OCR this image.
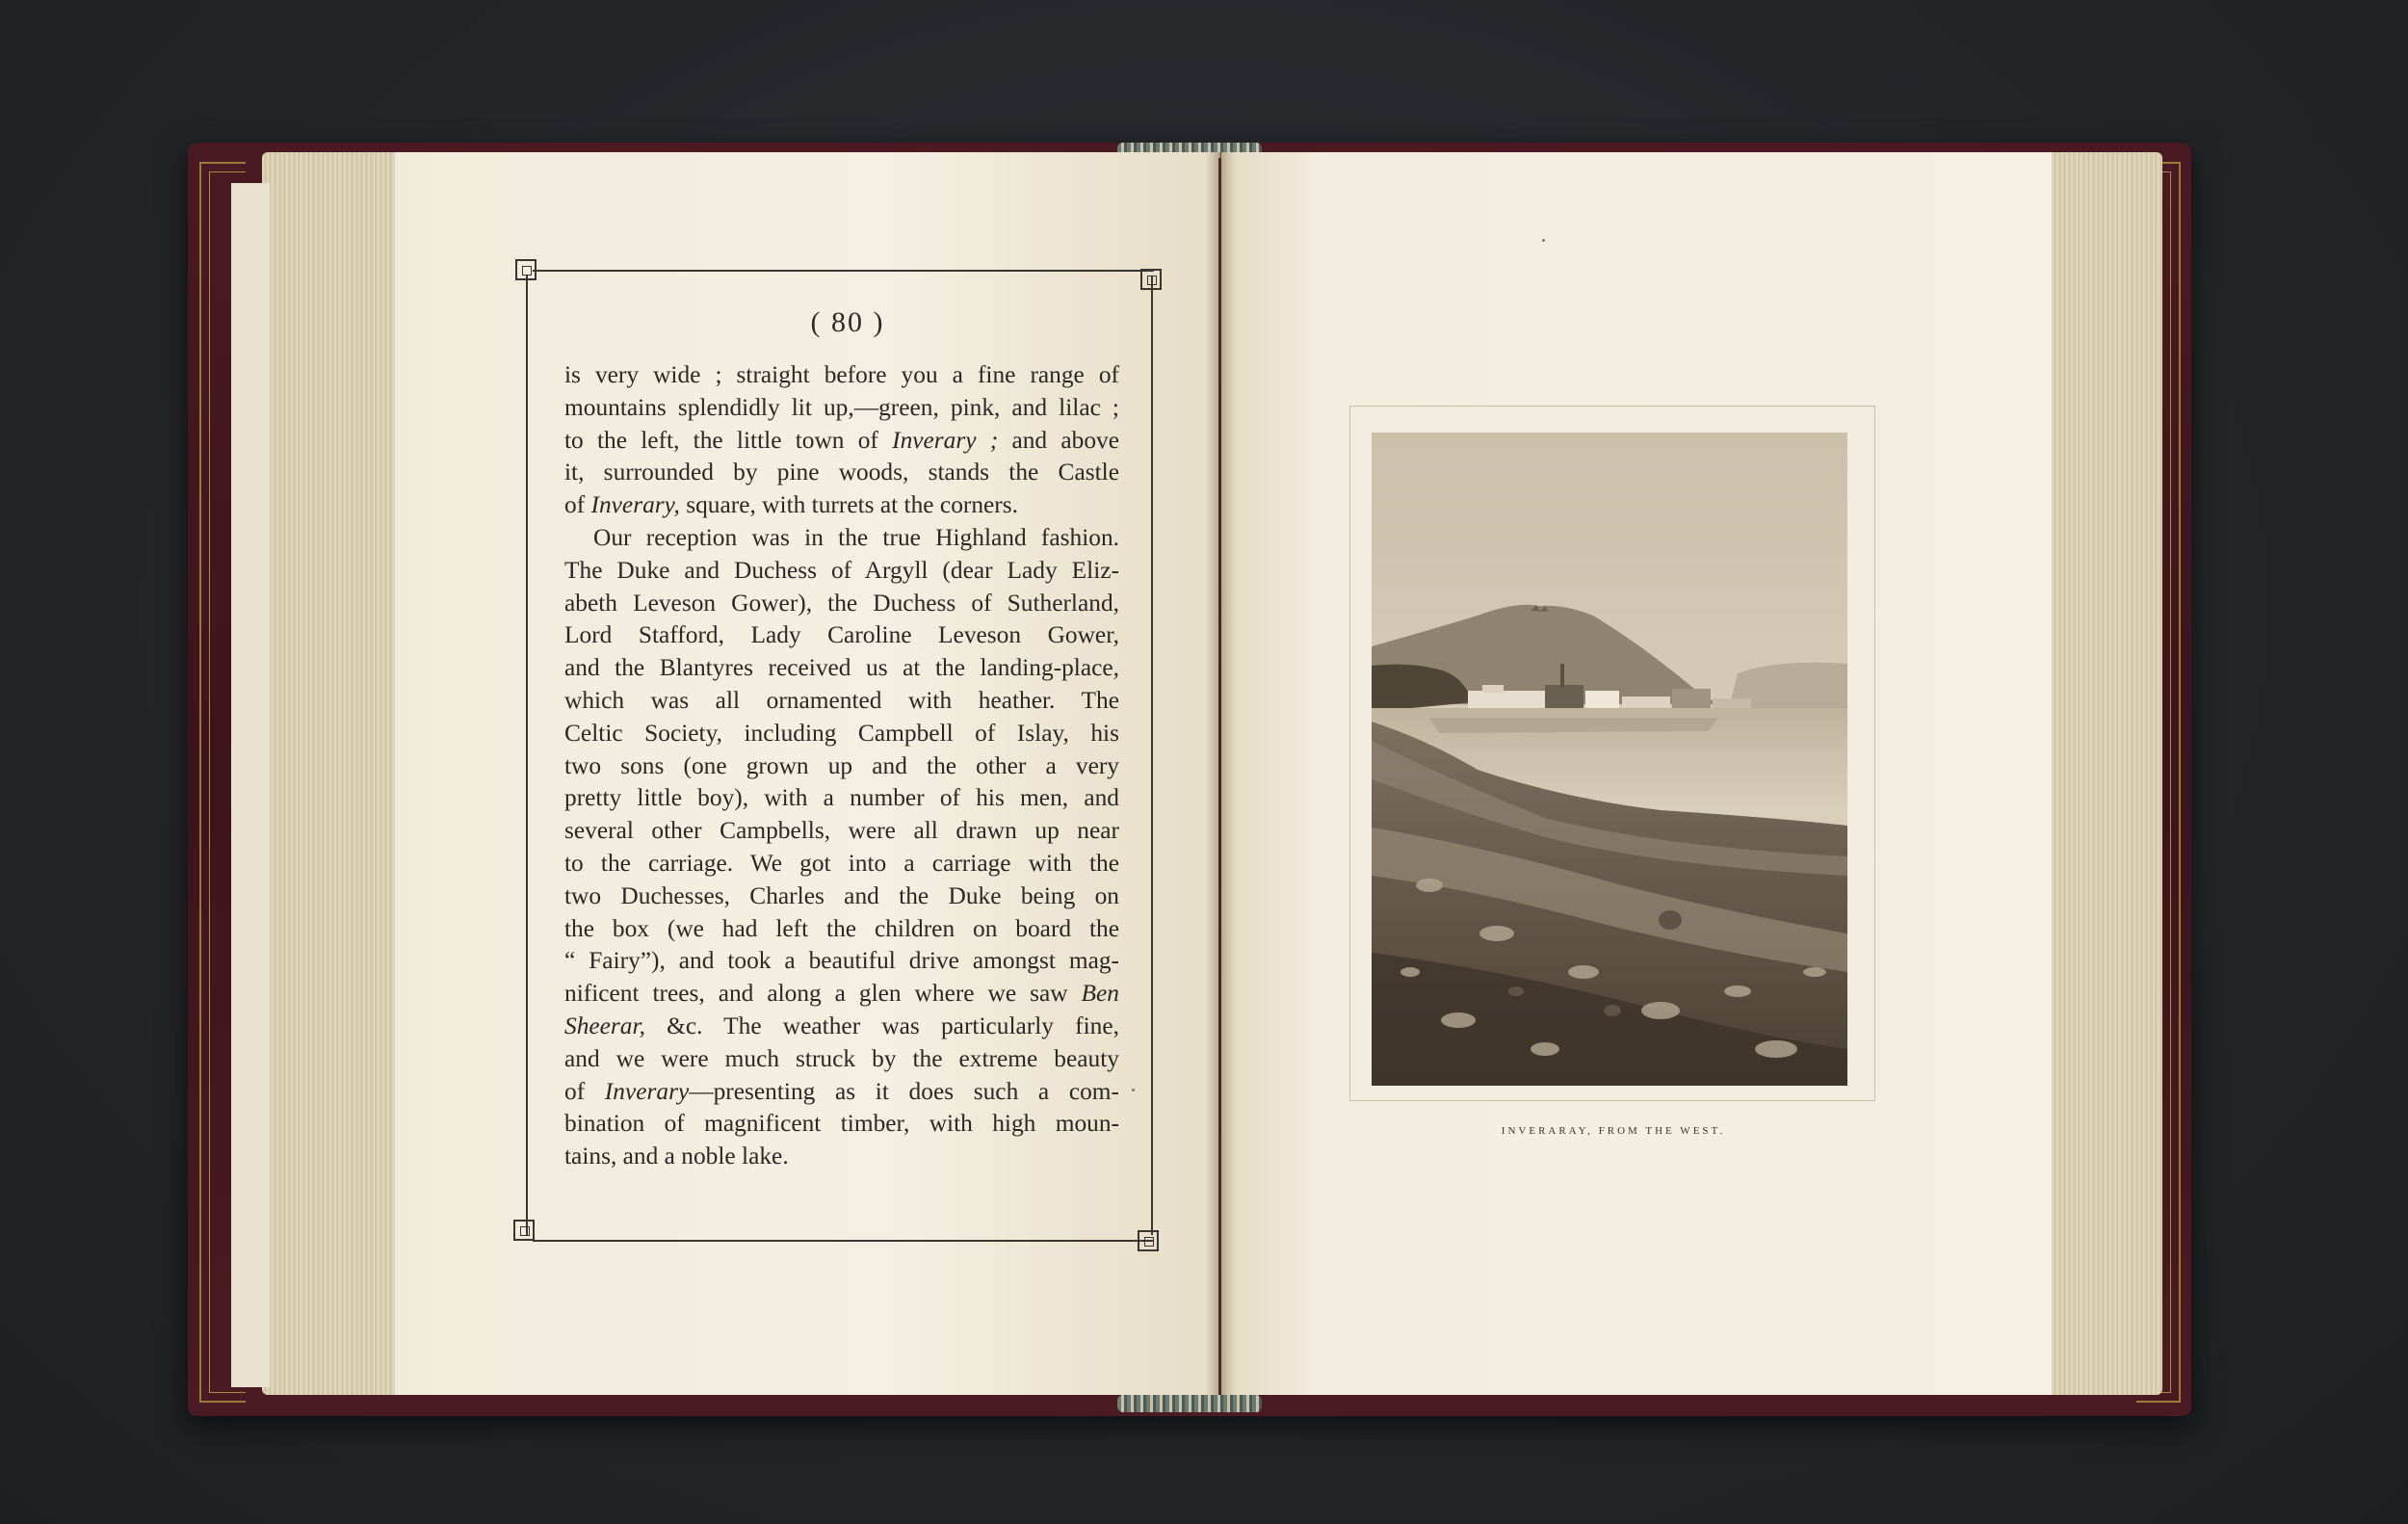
( 80 )
is very wide ; straight before you a fine range of
mountains splendidly lit up,—green, pink, and lilac ;
to the left, the little town of Inverary ; and above
it, surrounded by pine woods, stands the Castle
of Inverary, square, with turrets at the corners.
Our reception was in the true Highland fashion.
The Duke and Duchess of Argyll (dear Lady Eliz-
abeth Leveson Gower), the Duchess of Sutherland,
Lord Stafford, Lady Caroline Leveson Gower,
and the Blantyres received us at the landing-place,
which was all ornamented with heather. The
Celtic Society, including Campbell of Islay, his
two sons (one grown up and the other a very
pretty little boy), with a number of his men, and
several other Campbells, were all drawn up near
to the carriage. We got into a carriage with the
two Duchesses, Charles and the Duke being on
the box (we had left the children on board the
“ Fairy”), and took a beautiful drive amongst mag-
nificent trees, and along a glen where we saw Ben
Sheerar, &c. The weather was particularly fine,
and we were much struck by the extreme beauty
of Inverary—presenting as it does such a com-
bination of magnificent timber, with high moun-
tains, and a noble lake.
INVERARAY, FROM THE WEST.
